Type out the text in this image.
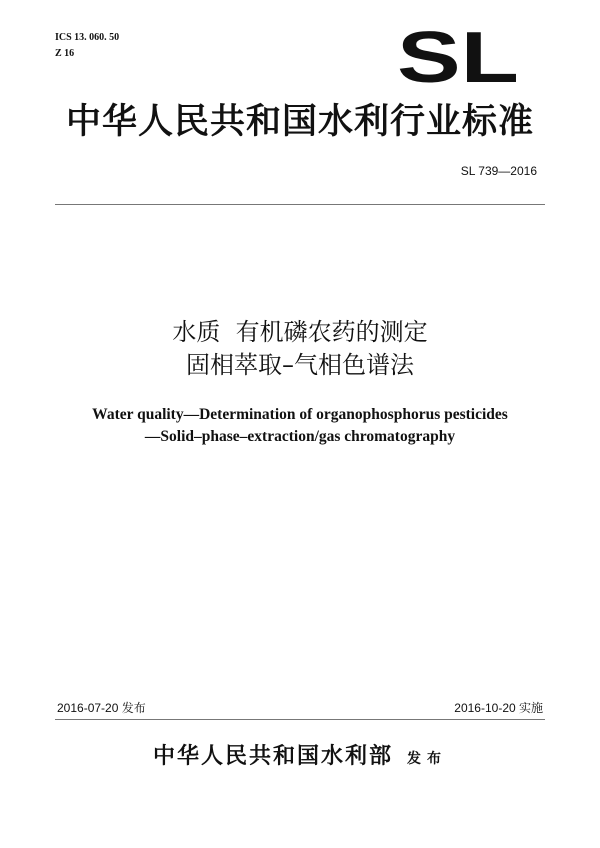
ICS 13. 060. 50
Z 16	SL
中华人民共和国水利行业标准
SL 739—2016
水质  有机磷农药的测定
固相萃取–气相色谱法
Water quality—Determination of organophosphorus pesticides
—Solid–phase–extraction/gas chromatography
2016-07-20 发布	2016-10-20 实施
中华人民共和国水利部 发布
